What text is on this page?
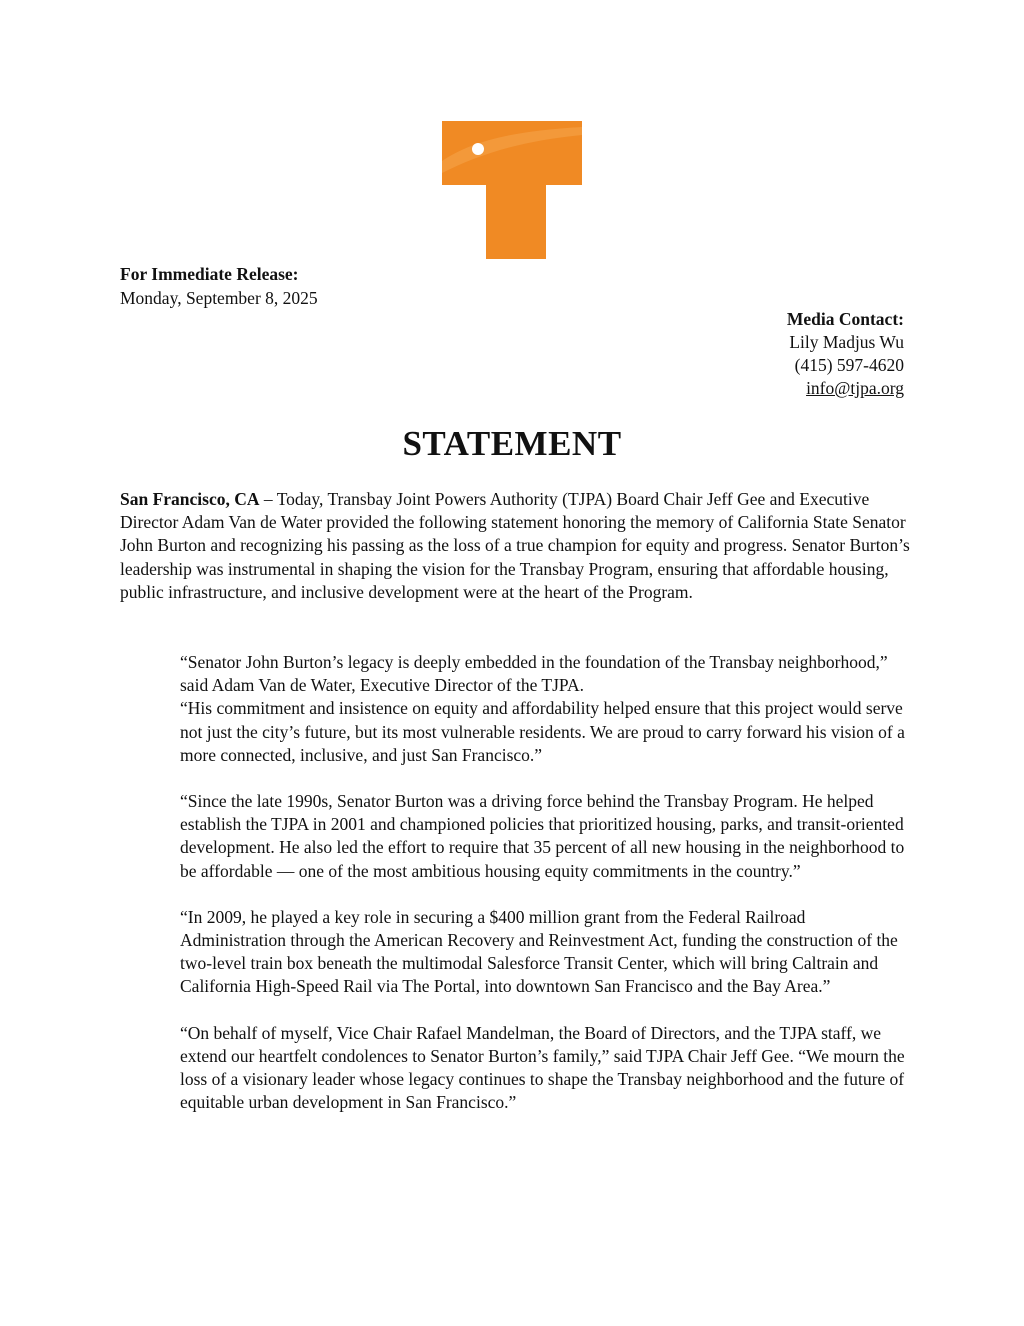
For Immediate Release:
Monday, September 8, 2025
Media Contact:
Lily Madjus Wu
(415) 597-4620
info@tjpa.org
STATEMENT

San Francisco, CA – Today, Transbay Joint Powers Authority (TJPA) Board Chair Jeff Gee and Executive Director Adam Van de Water provided the following statement honoring the memory of California State Senator John Burton and recognizing his passing as the loss of a true champion for equity and progress. Senator Burton’s leadership was instrumental in shaping the vision for the Transbay Program, ensuring that affordable housing, public infrastructure, and inclusive development were at the heart of the Program.

“Senator John Burton’s legacy is deeply embedded in the foundation of the Transbay neighborhood,” said Adam Van de Water, Executive Director of the TJPA.

“His commitment and insistence on equity and affordability helped ensure that this project would serve not just the city’s future, but its most vulnerable residents. We are proud to carry forward his vision of a more connected, inclusive, and just San Francisco.”

“Since the late 1990s, Senator Burton was a driving force behind the Transbay Program. He helped establish the TJPA in 2001 and championed policies that prioritized housing, parks, and transit-oriented development. He also led the effort to require that 35 percent of all new housing in the neighborhood to be affordable — one of the most ambitious housing equity commitments in the country.”

“In 2009, he played a key role in securing a $400 million grant from the Federal Railroad Administration through the American Recovery and Reinvestment Act, funding the construction of the two-level train box beneath the multimodal Salesforce Transit Center, which will bring Caltrain and California High-Speed Rail via The Portal, into downtown San Francisco and the Bay Area.”

“On behalf of myself, Vice Chair Rafael Mandelman, the Board of Directors, and the TJPA staff, we extend our heartfelt condolences to Senator Burton’s family,” said TJPA Chair Jeff Gee. “We mourn the loss of a visionary leader whose legacy continues to shape the Transbay neighborhood and the future of equitable urban development in San Francisco.”
